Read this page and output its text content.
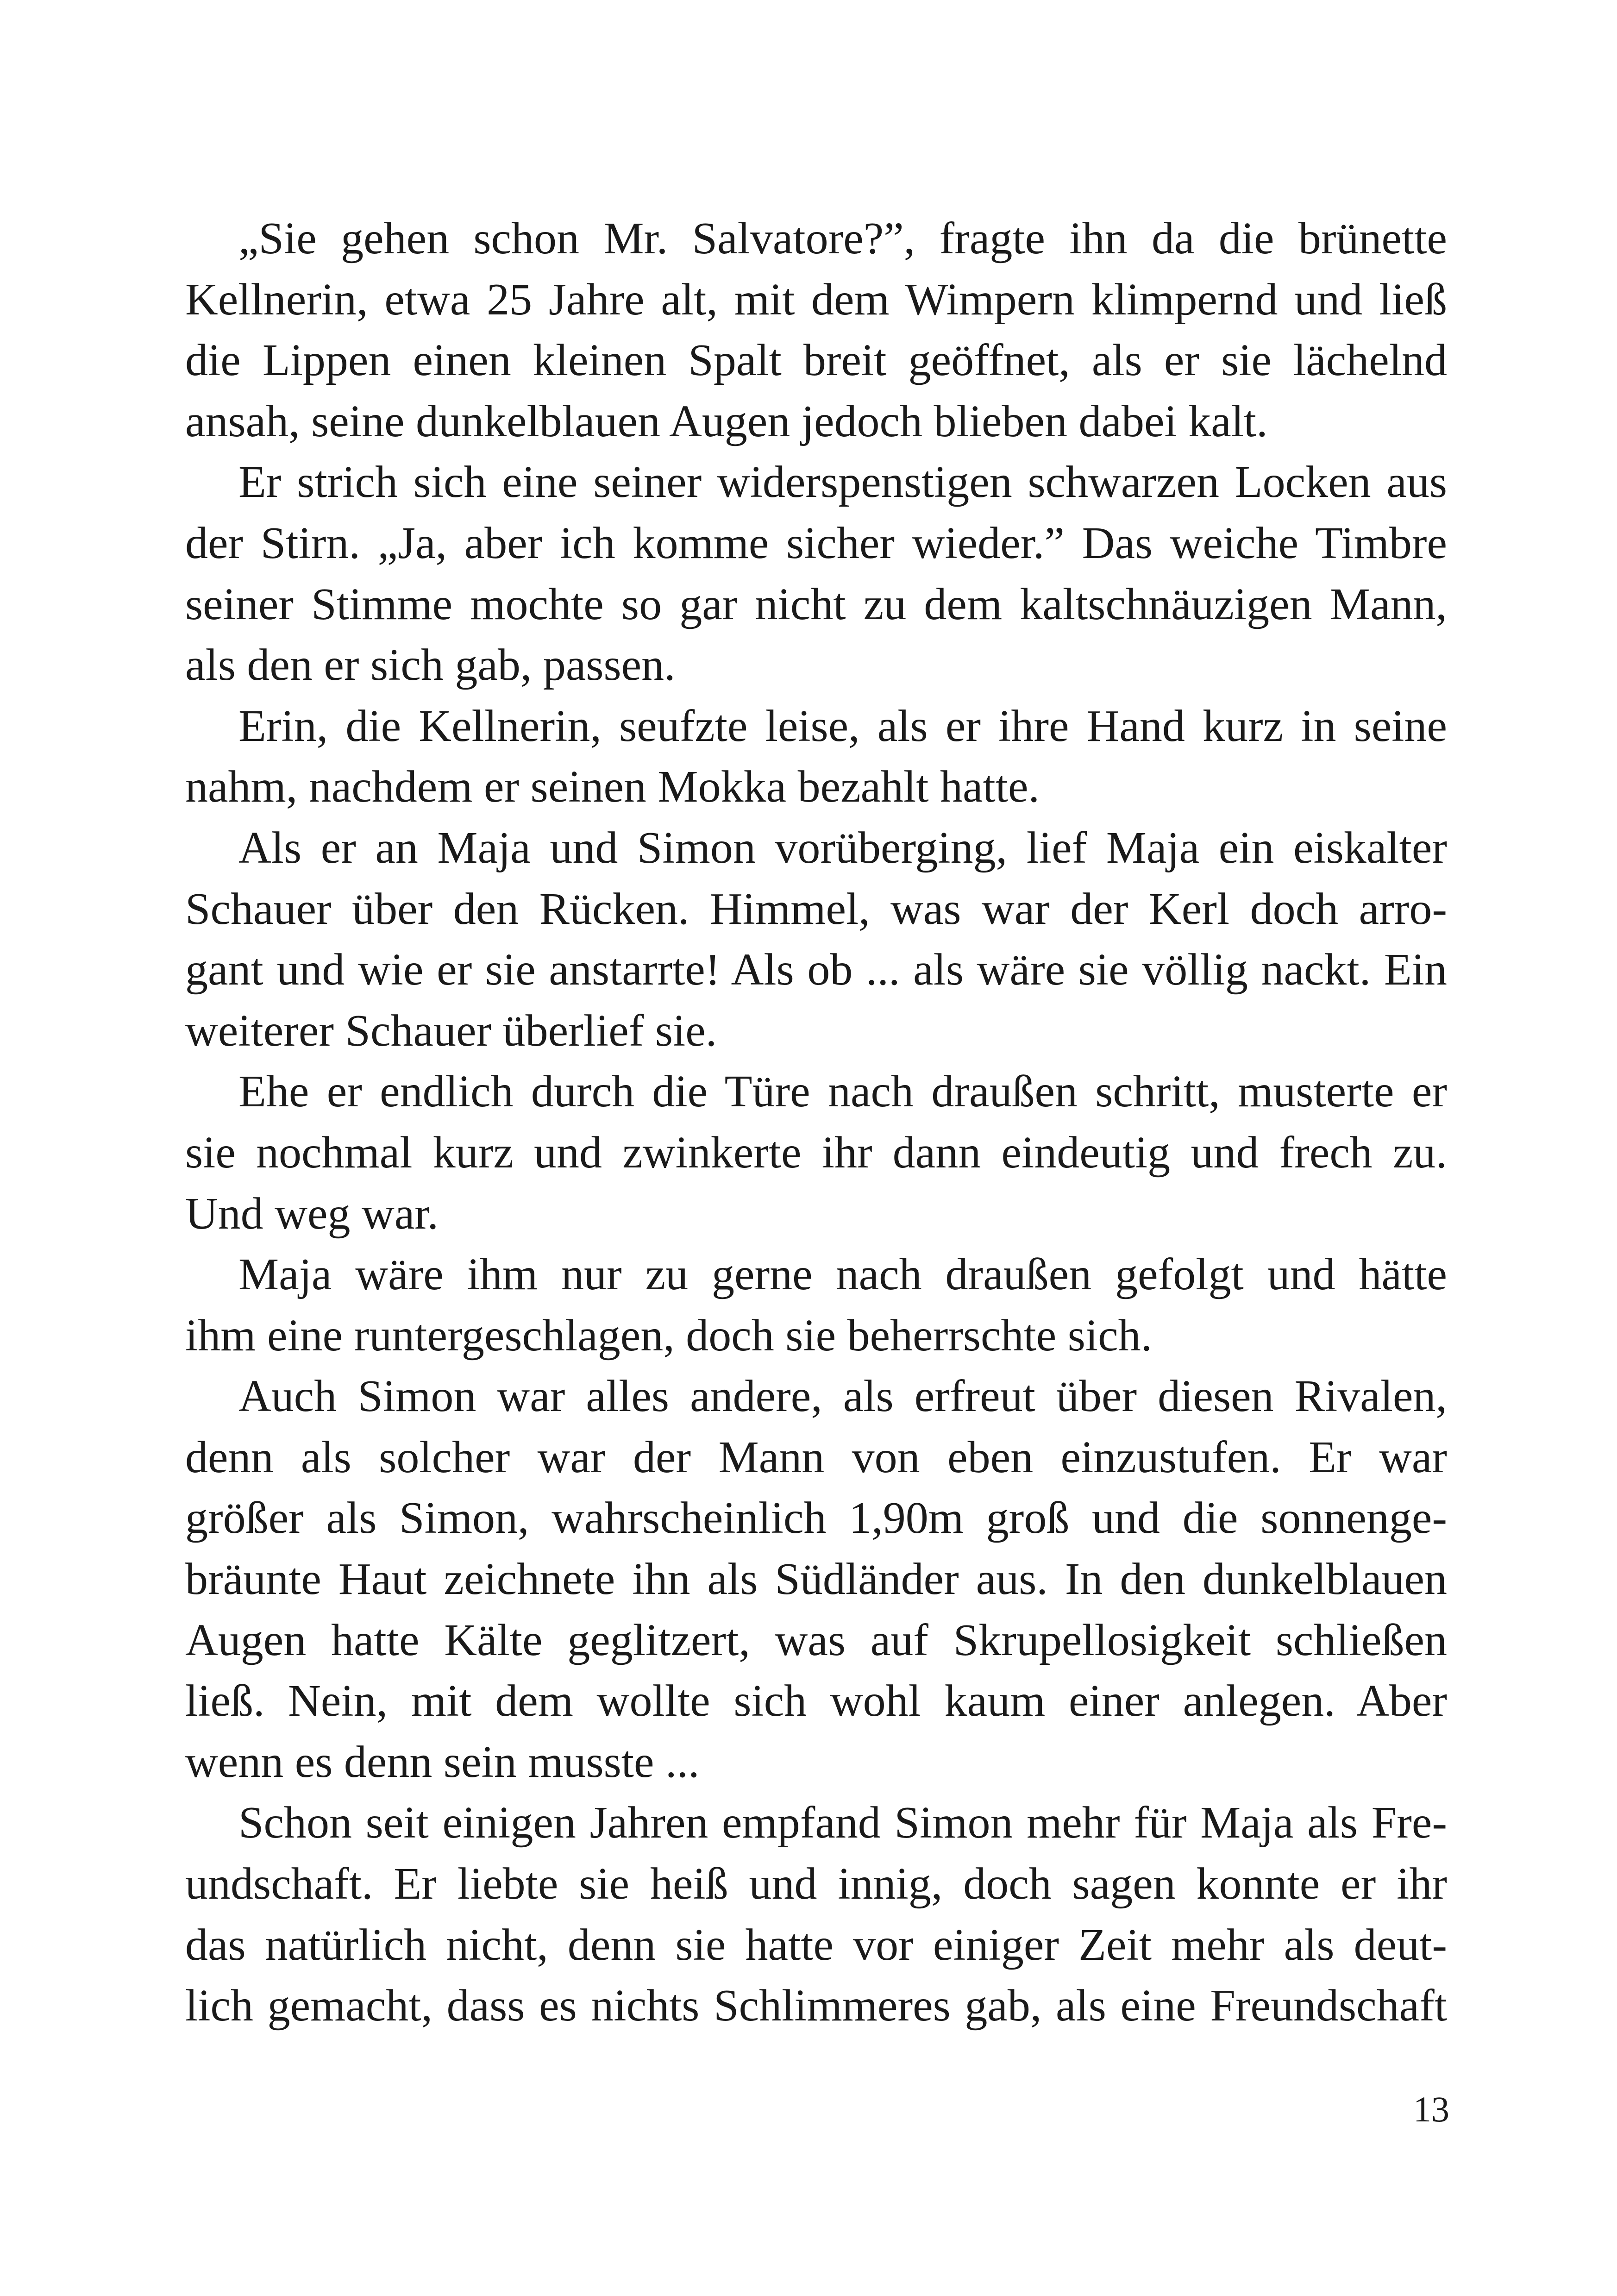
„Sie gehen schon Mr. Salvatore?”, fragte ihn da die brünette
Kellnerin, etwa 25 Jahre alt, mit dem Wimpern klimpernd und ließ
die Lippen einen kleinen Spalt breit geöffnet, als er sie lächelnd
ansah, seine dunkelblauen Augen jedoch blieben dabei kalt.
Er strich sich eine seiner widerspenstigen schwarzen Locken aus
der Stirn. „Ja, aber ich komme sicher wieder.” Das weiche Timbre
seiner Stimme mochte so gar nicht zu dem kaltschnäuzigen Mann,
als den er sich gab, passen.
Erin, die Kellnerin, seufzte leise, als er ihre Hand kurz in seine
nahm, nachdem er seinen Mokka bezahlt hatte.
Als er an Maja und Simon vorüberging, lief Maja ein eiskalter
Schauer über den Rücken. Himmel, was war der Kerl doch arro-
gant und wie er sie anstarrte! Als ob ... als wäre sie völlig nackt. Ein
weiterer Schauer überlief sie.
Ehe er endlich durch die Türe nach draußen schritt, musterte er
sie nochmal kurz und zwinkerte ihr dann eindeutig und frech zu.
Und weg war.
Maja wäre ihm nur zu gerne nach draußen gefolgt und hätte
ihm eine runtergeschlagen, doch sie beherrschte sich.
Auch Simon war alles andere, als erfreut über diesen Rivalen,
denn als solcher war der Mann von eben einzustufen. Er war
größer als Simon, wahrscheinlich 1,90m groß und die sonnenge-
bräunte Haut zeichnete ihn als Südländer aus. In den dunkelblauen
Augen hatte Kälte geglitzert, was auf Skrupellosigkeit schließen
ließ. Nein, mit dem wollte sich wohl kaum einer anlegen. Aber
wenn es denn sein musste ...
Schon seit einigen Jahren empfand Simon mehr für Maja als Fre-
undschaft. Er liebte sie heiß und innig, doch sagen konnte er ihr
das natürlich nicht, denn sie hatte vor einiger Zeit mehr als deut-
lich gemacht, dass es nichts Schlimmeres gab, als eine Freundschaft
13
